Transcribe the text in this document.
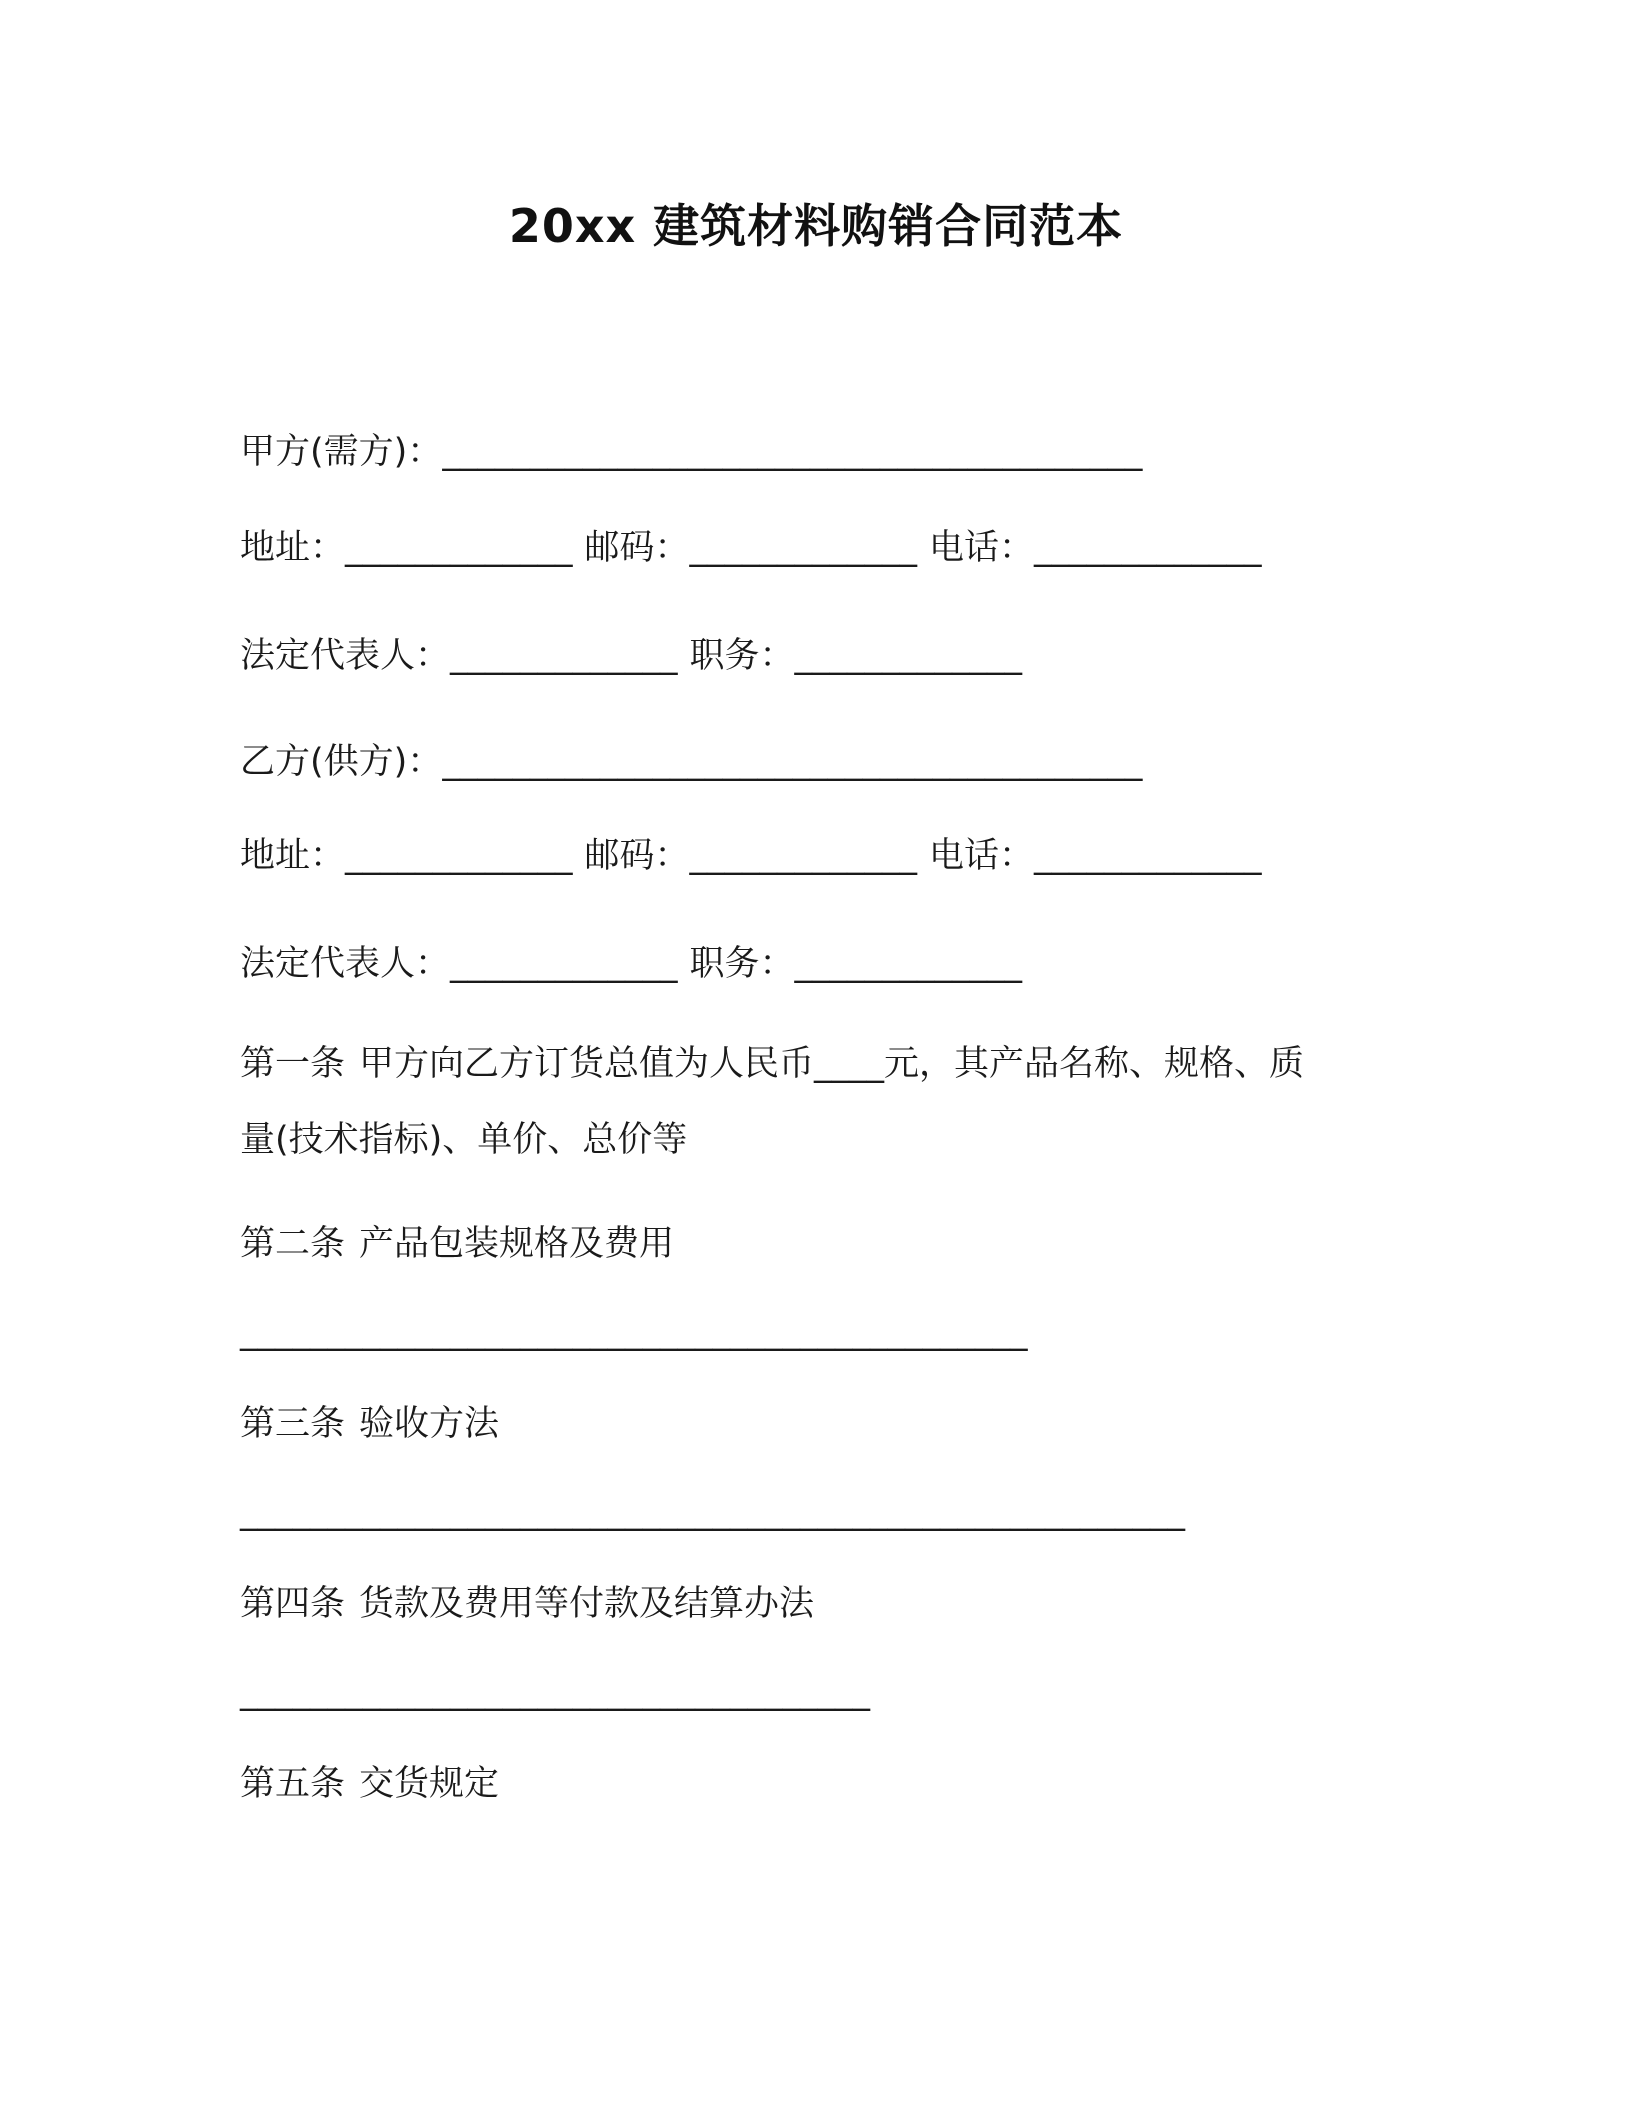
20xx 建筑材料购销合同范本
甲方(需方)：________________________________________
地址：_____________ 邮码：_____________ 电话：_____________
法定代表人：_____________ 职务：_____________
乙方(供方)：________________________________________
地址：_____________ 邮码：_____________ 电话：_____________
法定代表人：_____________ 职务：_____________
第一条 甲方向乙方订货总值为人民币____元，其产品名称、规格、质
量(技术指标)、单价、总价等
第二条 产品包装规格及费用
_____________________________________________
第三条 验收方法
______________________________________________________
第四条 货款及费用等付款及结算办法
____________________________________
第五条 交货规定
